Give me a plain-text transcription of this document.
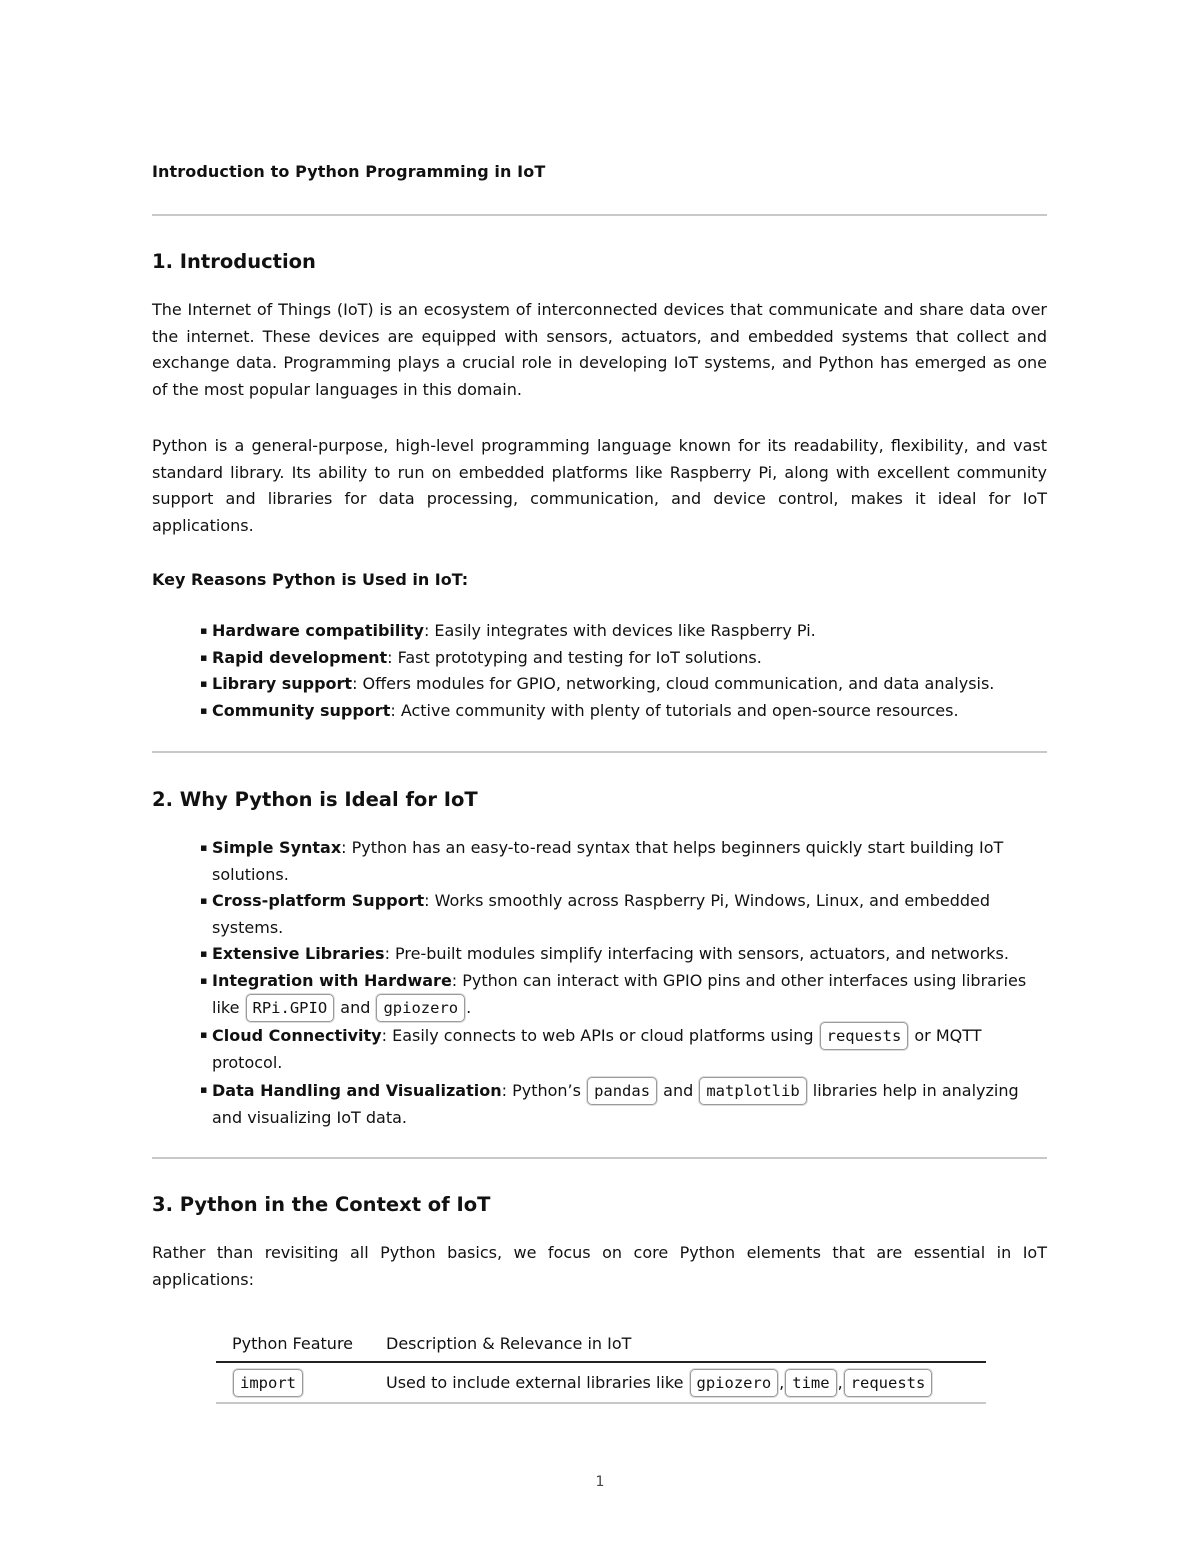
Introduction to Python Programming in IoT
1. Introduction

The Internet of Things (IoT) is an ecosystem of interconnected devices that communicate and share data over the internet. These devices are equipped with sensors, actuators, and embedded systems that collect and exchange data. Programming plays a crucial role in developing IoT systems, and Python has emerged as one of the most popular languages in this domain.

Python is a general-purpose, high-level programming language known for its readability, flexibility, and vast standard library. Its ability to run on embedded platforms like Raspberry Pi, along with excellent community support and libraries for data processing, communication, and device control, makes it ideal for IoT applications.

Key Reasons Python is Used in IoT:
▪ Hardware compatibility: Easily integrates with devices like Raspberry Pi.
▪ Rapid development: Fast prototyping and testing for IoT solutions.
▪ Library support: Offers modules for GPIO, networking, cloud communication, and data analysis.
▪ Community support: Active community with plenty of tutorials and open-source resources.
2. Why Python is Ideal for IoT
▪ Simple Syntax: Python has an easy-to-read syntax that helps beginners quickly start building IoT solutions.
▪ Cross-platform Support: Works smoothly across Raspberry Pi, Windows, Linux, and embedded systems.
▪ Extensive Libraries: Pre-built modules simplify interfacing with sensors, actuators, and networks.
▪ Integration with Hardware: Python can interact with GPIO pins and other interfaces using libraries like RPi.GPIO and gpiozero .
▪ Cloud Connectivity: Easily connects to web APIs or cloud platforms using requests or MQTT protocol.
▪ Data Handling and Visualization: Python’s pandas and matplotlib libraries help in analyzing and visualizing IoT data.
3. Python in the Context of IoT

Rather than revisiting all Python basics, we focus on core Python elements that are essential in IoT applications:

Python Feature	Description & Relevance in IoT
import	Used to include external libraries like gpiozero , time , requests
1
